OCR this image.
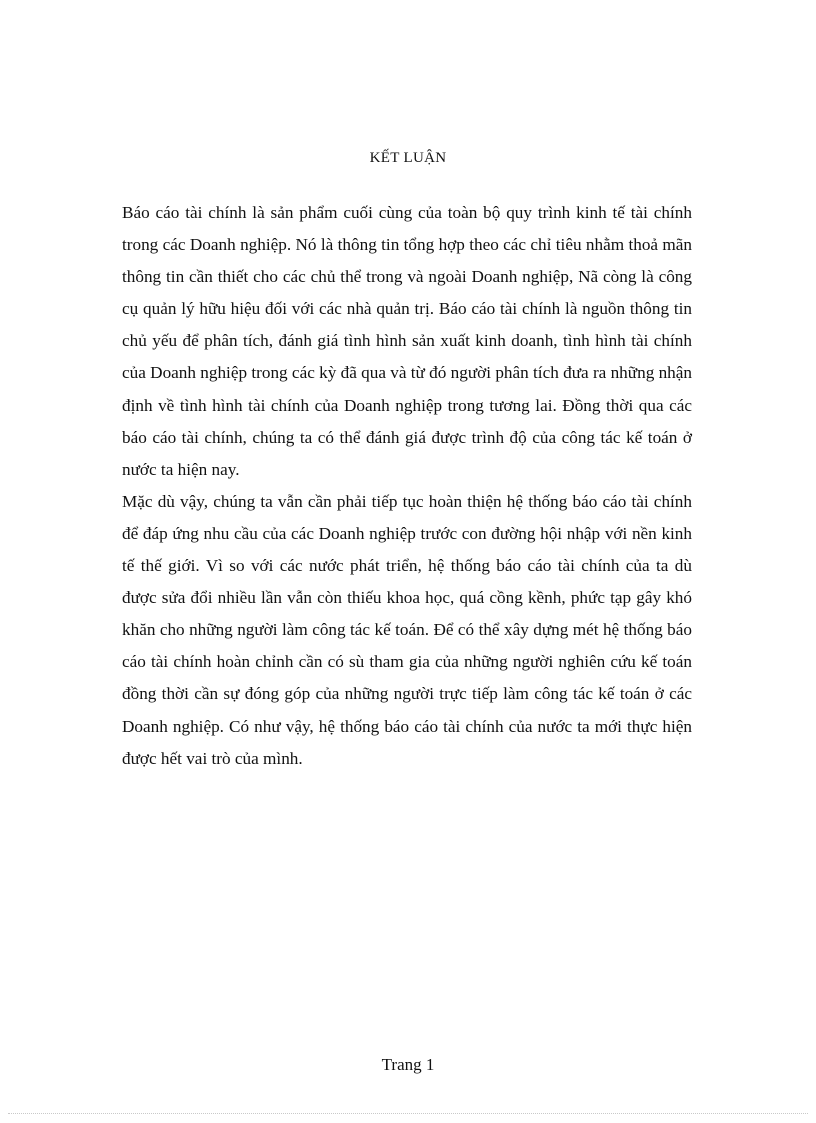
KẾT LUẬN

Báo cáo tài chính là sản phẩm cuối cùng của toàn bộ quy trình kinh tế tài chính trong các Doanh nghiệp. Nó là thông tin tổng hợp theo các chỉ tiêu nhằm thoả mãn thông tin cần thiết cho các chủ thể trong và ngoài Doanh nghiệp, Nã còng là công cụ quản lý hữu hiệu đối với các nhà quản trị. Báo cáo tài chính là nguồn thông tin chủ yếu để phân tích, đánh giá tình hình sản xuất kinh doanh, tình hình tài chính của Doanh nghiệp trong các kỳ đã qua và từ đó người phân tích đưa ra những nhận định về tình hình tài chính của Doanh nghiệp trong tương lai. Đồng thời qua các báo cáo tài chính, chúng ta có thể đánh giá được trình độ của công tác kế toán ở nước ta hiện nay.

Mặc dù vậy, chúng ta vẫn cần phải tiếp tục hoàn thiện hệ thống báo cáo tài chính để đáp ứng nhu cầu của các Doanh nghiệp trước con đường hội nhập với nền kinh tế thế giới. Vì so với các nước phát triển, hệ thống báo cáo tài chính của ta dù được sửa đổi nhiều lần vẫn còn thiếu khoa học, quá cồng kềnh, phức tạp gây khó khăn cho những người làm công tác kế toán. Để có thể xây dựng mét hệ thống báo cáo tài chính hoàn chỉnh cần có sù tham gia của những người nghiên cứu kế toán đồng thời cần sự đóng góp của những người trực tiếp làm công tác kế toán ở các Doanh nghiệp. Có như vậy, hệ thống báo cáo tài chính của nước ta mới thực hiện được hết vai trò của mình.

Trang 1
